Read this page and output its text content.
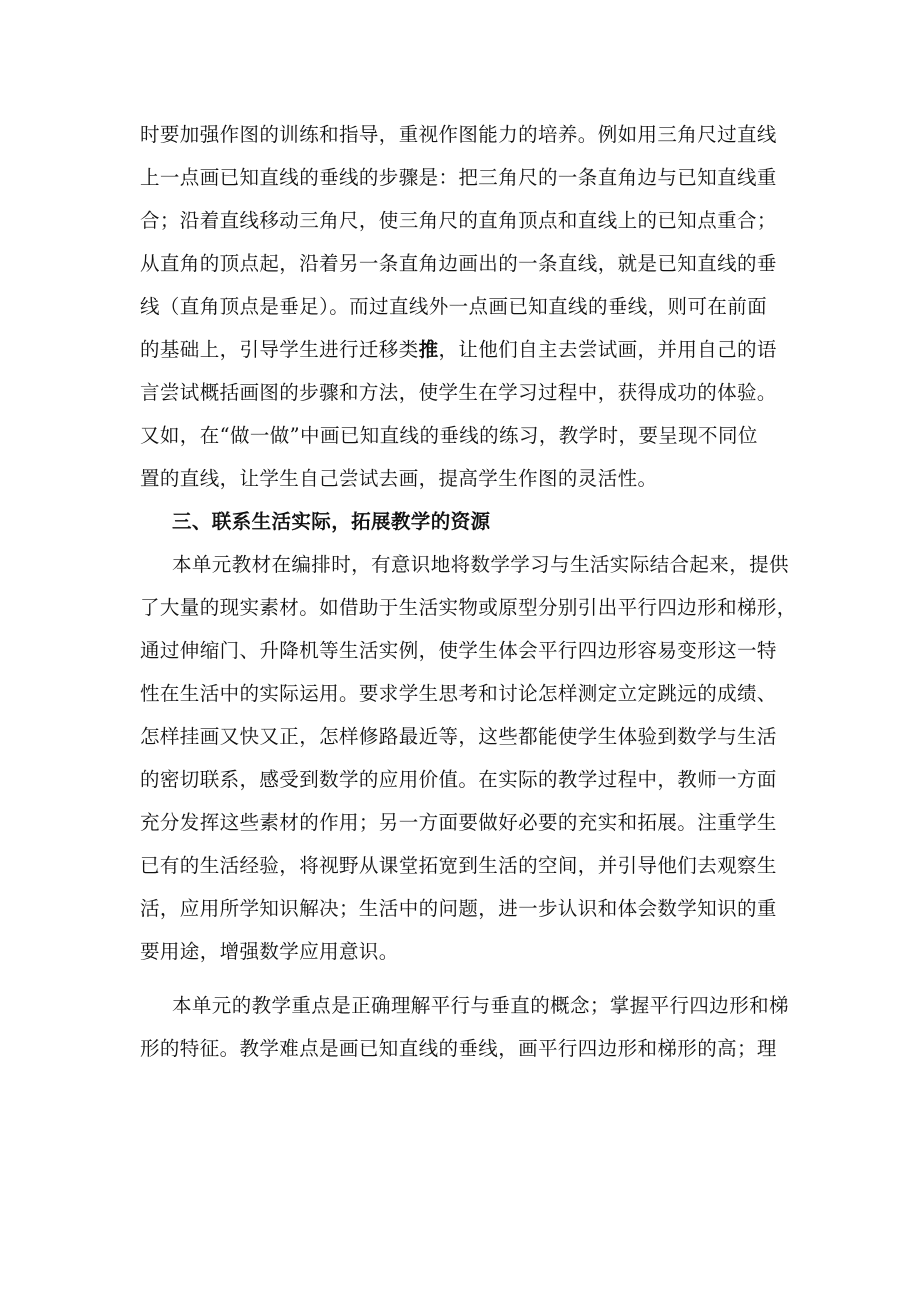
时要加强作图的训练和指导，重视作图能力的培养。例如用三角尺过直线
上一点画已知直线的垂线的步骤是：把三角尺的一条直角边与已知直线重
合；沿着直线移动三角尺，使三角尺的直角顶点和直线上的已知点重合；
从直角的顶点起，沿着另一条直角边画出的一条直线，就是已知直线的垂
线（直角顶点是垂足）。而过直线外一点画已知直线的垂线，则可在前面
的基础上，引导学生进行迁移类推，让他们自主去尝试画，并用自己的语
言尝试概括画图的步骤和方法，使学生在学习过程中，获得成功的体验。
又如，在“做一做”中画已知直线的垂线的练习，教学时，要呈现不同位
置的直线，让学生自己尝试去画，提高学生作图的灵活性。
三、联系生活实际，拓展教学的资源
本单元教材在编排时，有意识地将数学学习与生活实际结合起来，提供
了大量的现实素材。如借助于生活实物或原型分别引出平行四边形和梯形，
通过伸缩门、升降机等生活实例，使学生体会平行四边形容易变形这一特
性在生活中的实际运用。要求学生思考和讨论怎样测定立定跳远的成绩、
怎样挂画又快又正，怎样修路最近等，这些都能使学生体验到数学与生活
的密切联系，感受到数学的应用价值。在实际的教学过程中，教师一方面
充分发挥这些素材的作用；另一方面要做好必要的充实和拓展。注重学生
已有的生活经验，将视野从课堂拓宽到生活的空间，并引导他们去观察生
活，应用所学知识解决；生活中的问题，进一步认识和体会数学知识的重
要用途，增强数学应用意识。
本单元的教学重点是正确理解平行与垂直的概念；掌握平行四边形和梯
形的特征。教学难点是画已知直线的垂线，画平行四边形和梯形的高；理
